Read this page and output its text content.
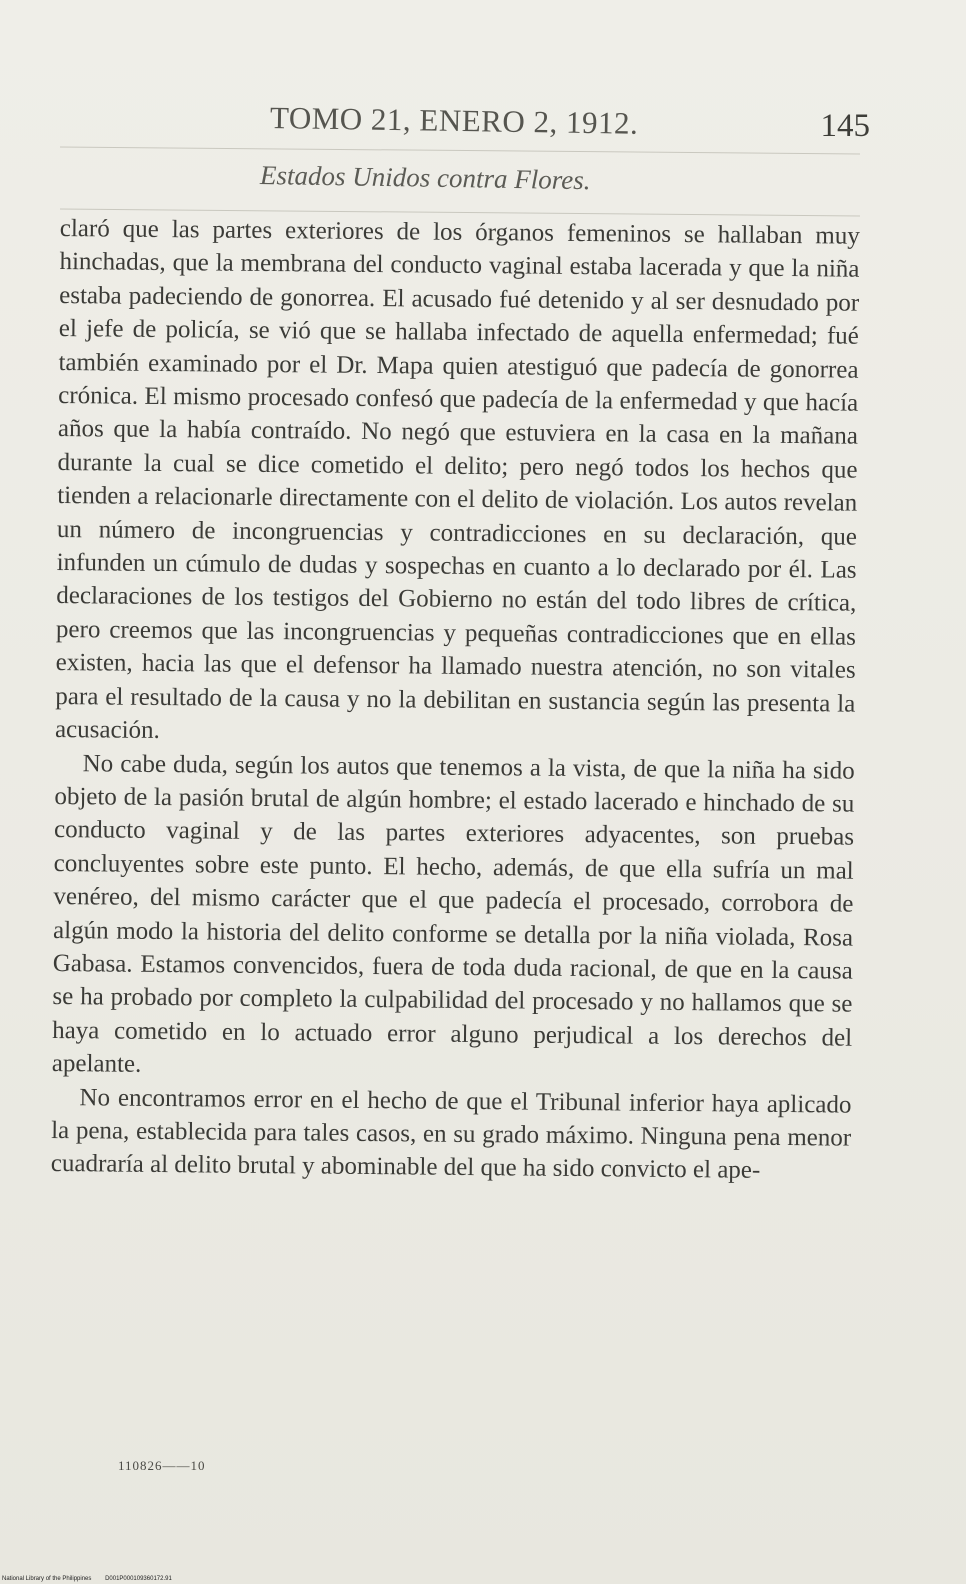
TOMO 21, ENERO 2, 1912.	145
Estados Unidos contra Flores.

claró que las partes exteriores de los órganos femeninos se hallaban muy hinchadas, que la membrana del conducto vaginal estaba lacerada y que la niña estaba padeciendo de gonorrea. El acusado fué detenido y al ser desnudado por el jefe de policía, se vió que se hallaba infectado de aquella enfermedad; fué también examinado por el Dr. Mapa quien atestiguó que padecía de gonorrea crónica. El mismo procesado confesó que padecía de la enfermedad y que hacía años que la había contraído. No negó que estuviera en la casa en la mañana durante la cual se dice cometido el delito; pero negó todos los hechos que tienden a relacionarle directamente con el delito de violación. Los autos revelan un número de incongruencias y contradicciones en su declaración, que infunden un cúmulo de dudas y sospechas en cuanto a lo declarado por él. Las declaraciones de los testigos del Gobierno no están del todo libres de crítica, pero creemos que las incongruencias y pequeñas contradicciones que en ellas existen, hacia las que el defensor ha llamado nuestra atención, no son vitales para el resultado de la causa y no la debilitan en sustancia según las presenta la acusación.

No cabe duda, según los autos que tenemos a la vista, de que la niña ha sido objeto de la pasión brutal de algún hombre; el estado lacerado e hinchado de su conducto vaginal y de las partes exteriores adyacentes, son pruebas concluyentes sobre este punto. El hecho, además, de que ella sufría un mal venéreo, del mismo carácter que el que padecía el procesado, corrobora de algún modo la historia del delito conforme se detalla por la niña violada, Rosa Gabasa. Estamos convencidos, fuera de toda duda racional, de que en la causa se ha probado por completo la culpabilidad del procesado y no hallamos que se haya cometido en lo actuado error alguno perjudical a los derechos del apelante.

No encontramos error en el hecho de que el Tribunal inferior haya aplicado la pena, establecida para tales casos, en su grado máximo. Ninguna pena menor cuadraría al delito brutal y abominable del que ha sido convicto el ape-

110826——10
National Library of the Philippines D001P000109360172.91
